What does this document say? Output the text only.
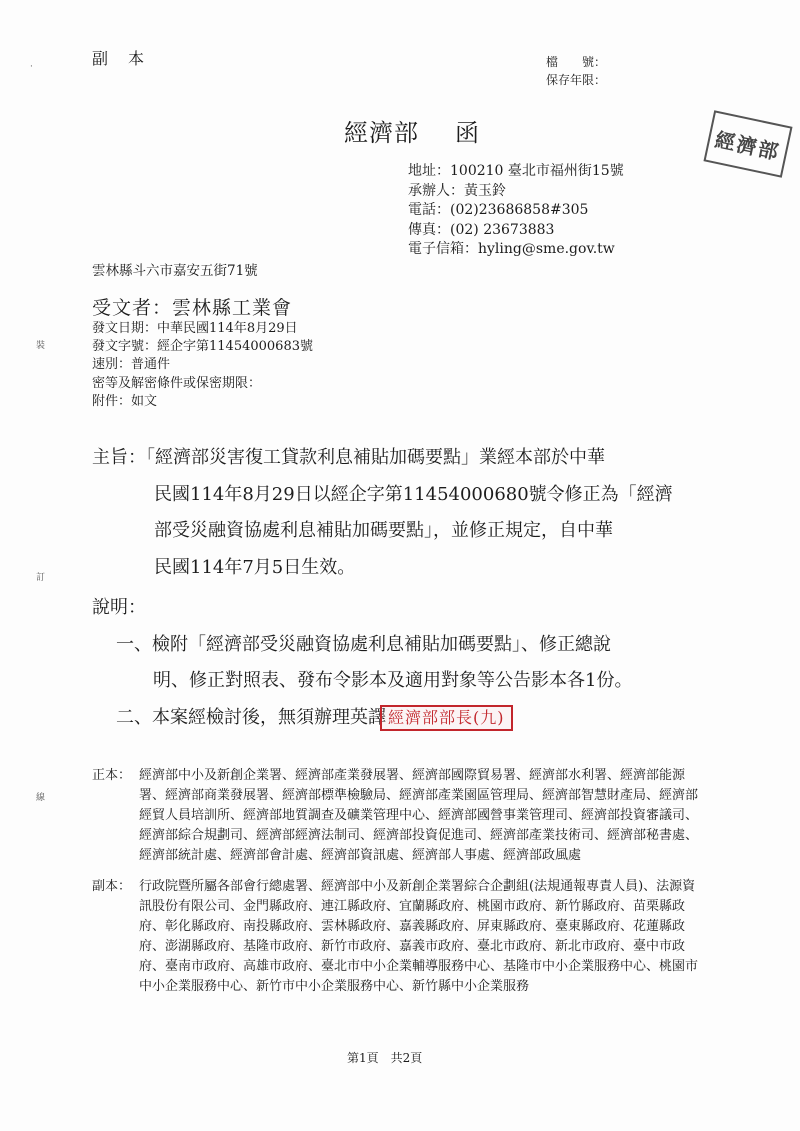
·	副本	檔　　號：
保存年限：
經濟部 函	經濟部
地址：100210 臺北市福州街15號
承辦人：黃玉鈴
電話：(02)23686858#305
傳真：(02) 23673883
電子信箱：hyling@sme.gov.tw
雲林縣斗六市嘉安五街71號
受文者：雲林縣工業會
發文日期：中華民國114年8月29日
發文字號：經企字第11454000683號
速別：普通件
密等及解密條件或保密期限：
附件：如文
裝
訂
線
主旨：「經濟部災害復工貸款利息補貼加碼要點」業經本部於中華
民國114年8月29日以經企字第11454000680號令修正為「經濟
部受災融資協處利息補貼加碼要點」，並修正規定，自中華
民國114年7月5日生效。
說明：
一、檢附「經濟部受災融資協處利息補貼加碼要點」、修正總說
明、修正對照表、發布令影本及適用對象等公告影本各1份。
二、本案經檢討後，無須辦理英譯 經濟部部長(九)
正本： 經濟部中小及新創企業署、經濟部產業發展署、經濟部國際貿易署、經濟部水利署、經濟部能源署、經濟部商業發展署、經濟部標準檢驗局、經濟部產業園區管理局、經濟部智慧財產局、經濟部經貿人員培訓所、經濟部地質調查及礦業管理中心、經濟部國營事業管理司、經濟部投資審議司、經濟部綜合規劃司、經濟部經濟法制司、經濟部投資促進司、經濟部產業技術司、經濟部秘書處、經濟部統計處、經濟部會計處、經濟部資訊處、經濟部人事處、經濟部政風處
副本： 行政院暨所屬各部會行總處署、經濟部中小及新創企業署綜合企劃組(法規通報專責人員)、法源資訊股份有限公司、金門縣政府、連江縣政府、宜蘭縣政府、桃園市政府、新竹縣政府、苗栗縣政府、彰化縣政府、南投縣政府、雲林縣政府、嘉義縣政府、屏東縣政府、臺東縣政府、花蓮縣政府、澎湖縣政府、基隆市政府、新竹市政府、嘉義市政府、臺北市政府、新北市政府、臺中市政府、臺南市政府、高雄市政府、臺北市中小企業輔導服務中心、基隆市中小企業服務中心、桃園市中小企業服務中心、新竹市中小企業服務中心、新竹縣中小企業服務
第1頁　共2頁
